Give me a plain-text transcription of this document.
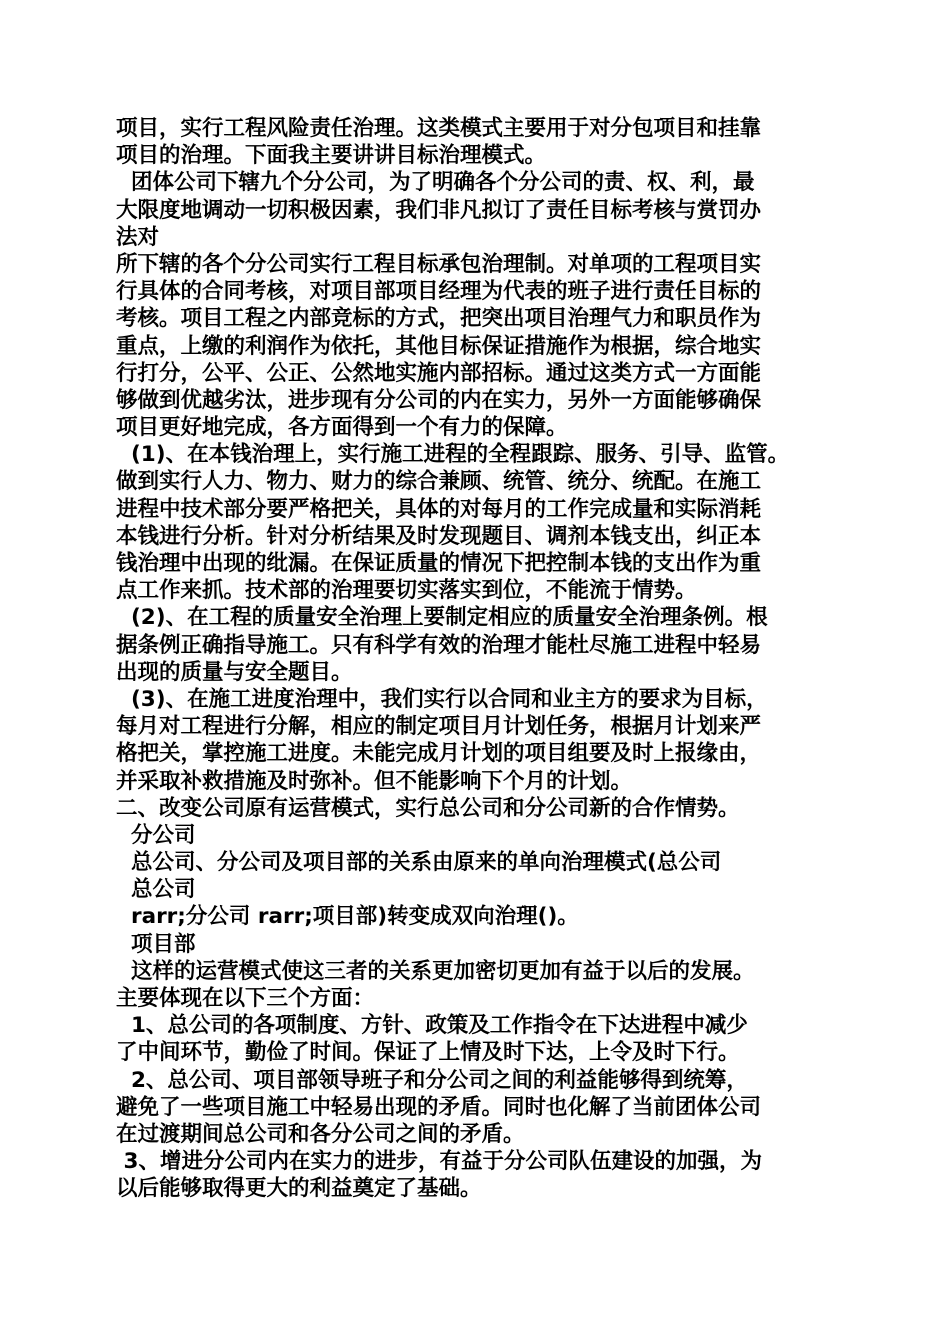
项目，实行工程风险责任治理。这类模式主要用于对分包项目和挂靠
项目的治理。下面我主要讲讲目标治理模式。
团体公司下辖九个分公司，为了明确各个分公司的责、权、利，最
大限度地调动一切积极因素，我们非凡拟订了责任目标考核与赏罚办
法对
所下辖的各个分公司实行工程目标承包治理制。对单项的工程项目实
行具体的合同考核，对项目部项目经理为代表的班子进行责任目标的
考核。项目工程之内部竞标的方式，把突出项目治理气力和职员作为
重点，上缴的利润作为依托，其他目标保证措施作为根据，综合地实
行打分，公平、公正、公然地实施内部招标。通过这类方式一方面能
够做到优越劣汰，进步现有分公司的内在实力，另外一方面能够确保
项目更好地完成，各方面得到一个有力的保障。
(1)、在本钱治理上，实行施工进程的全程跟踪、服务、引导、监管。
做到实行人力、物力、财力的综合兼顾、统管、统分、统配。在施工
进程中技术部分要严格把关，具体的对每月的工作完成量和实际消耗
本钱进行分析。针对分析结果及时发现题目、调剂本钱支出，纠正本
钱治理中出现的纰漏。在保证质量的情况下把控制本钱的支出作为重
点工作来抓。技术部的治理要切实落实到位，不能流于情势。
(2)、在工程的质量安全治理上要制定相应的质量安全治理条例。根
据条例正确指导施工。只有科学有效的治理才能杜尽施工进程中轻易
出现的质量与安全题目。
(3)、在施工进度治理中，我们实行以合同和业主方的要求为目标，
每月对工程进行分解，相应的制定项目月计划任务，根据月计划来严
格把关，掌控施工进度。未能完成月计划的项目组要及时上报缘由，
并采取补救措施及时弥补。但不能影响下个月的计划。
二、改变公司原有运营模式，实行总公司和分公司新的合作情势。
分公司
总公司、分公司及项目部的关系由原来的单向治理模式(总公司
总公司
rarr;分公司 rarr;项目部)转变成双向治理()。
项目部
这样的运营模式使这三者的关系更加密切更加有益于以后的发展。
主要体现在以下三个方面：
1、总公司的各项制度、方针、政策及工作指令在下达进程中减少
了中间环节，勤俭了时间。保证了上情及时下达，上令及时下行。
2、总公司、项目部领导班子和分公司之间的利益能够得到统筹，
避免了一些项目施工中轻易出现的矛盾。同时也化解了当前团体公司
在过渡期间总公司和各分公司之间的矛盾。
3、增进分公司内在实力的进步，有益于分公司队伍建设的加强，为
以后能够取得更大的利益奠定了基础。
